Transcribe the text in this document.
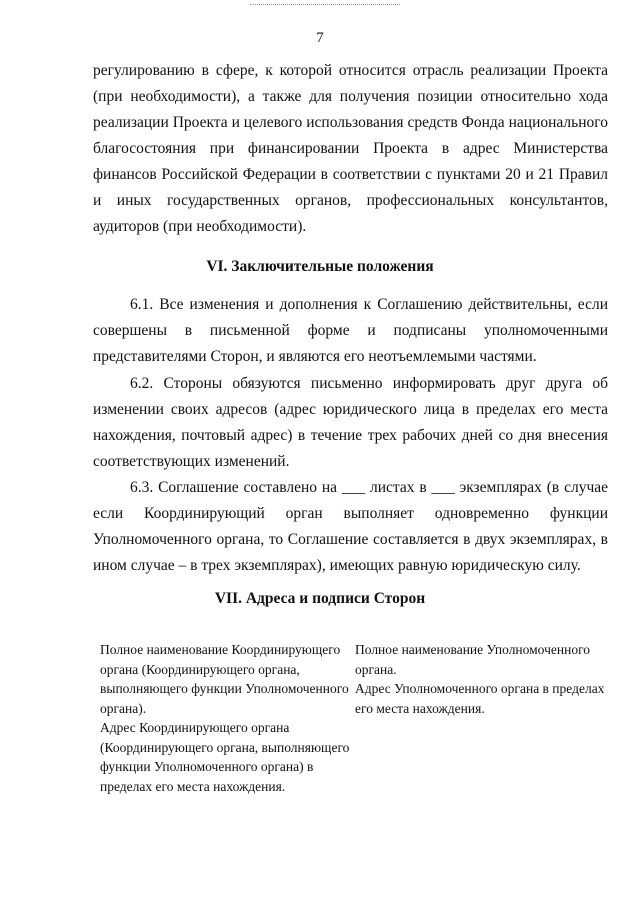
7

регулированию в сфере, к которой относится отрасль реализации Проекта (при необходимости), а также для получения позиции относительно хода реализации Проекта и целевого использования средств Фонда национального благосостояния при финансировании Проекта в адрес Министерства финансов Российской Федерации в соответствии с пунктами 20 и 21 Правил и иных государственных органов, профессиональных консультантов, аудиторов (при необходимости).

VI. Заключительные положения

6.1. Все изменения и дополнения к Соглашению действительны, если совершены в письменной форме и подписаны уполномоченными представителями Сторон, и являются его неотъемлемыми частями.

6.2. Стороны обязуются письменно информировать друг друга об изменении своих адресов (адрес юридического лица в пределах его места нахождения, почтовый адрес) в течение трех рабочих дней со дня внесения соответствующих изменений.

6.3. Соглашение составлено на ___ листах в ___ экземплярах (в случае если Координирующий орган выполняет одновременно функции Уполномоченного органа, то Соглашение составляется в двух экземплярах, в ином случае – в трех экземплярах), имеющих равную юридическую силу.

VII. Адреса и подписи Сторон

Полное наименование Координирующего органа (Координирующего органа, выполняющего функции Уполномоченного органа).

Адрес Координирующего органа (Координирующего органа, выполняющего функции Уполномоченного органа) в пределах его места нахождения.

Полное наименование Уполномоченного органа.

Адрес Уполномоченного органа в пределах его места нахождения.
